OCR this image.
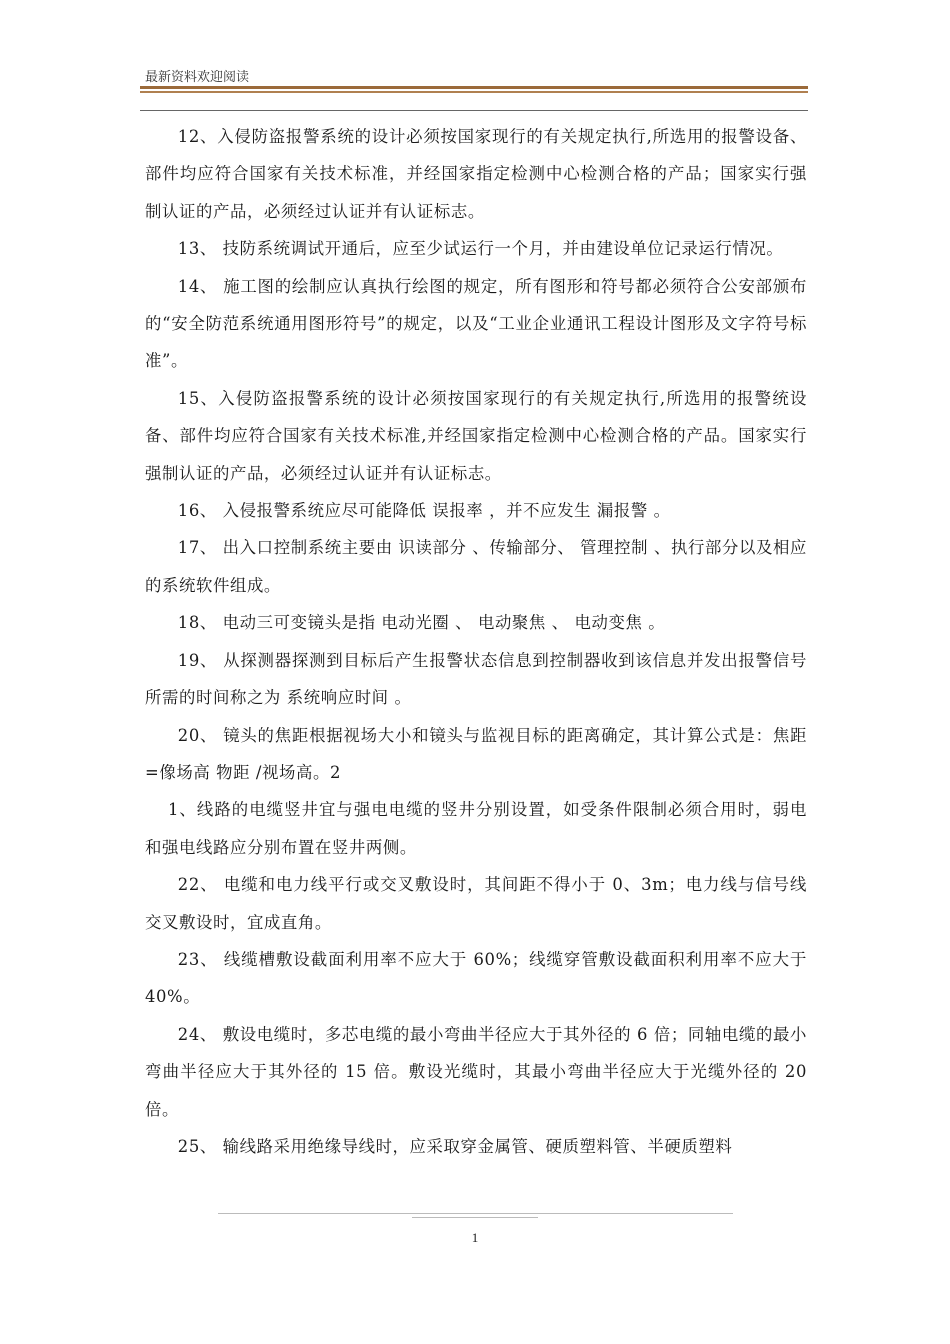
最新资料欢迎阅读

12、入侵防盗报警系统的设计必须按国家现行的有关规定执行,所选用的报警设备、部件均应符合国家有关技术标准，并经国家指定检测中心检测合格的产品；国家实行强制认证的产品，必须经过认证并有认证标志。

13、 技防系统调试开通后，应至少试运行一个月，并由建设单位记录运行情况。

14、 施工图的绘制应认真执行绘图的规定，所有图形和符号都必须符合公安部颁布的“安全防范系统通用图形符号”的规定，以及“工业企业通讯工程设计图形及文字符号标准”。

15、入侵防盗报警系统的设计必须按国家现行的有关规定执行,所选用的报警统设备、部件均应符合国家有关技术标准,并经国家指定检测中心检测合格的产品。国家实行强制认证的产品，必须经过认证并有认证标志。

16、 入侵报警系统应尽可能降低 误报率 ，并不应发生 漏报警 。

17、 出入口控制系统主要由 识读部分 、传输部分、 管理控制 、执行部分以及相应的系统软件组成。

18、 电动三可变镜头是指 电动光圈 、 电动聚焦 、 电动变焦 。

19、 从探测器探测到目标后产生报警状态信息到控制器收到该信息并发出报警信号所需的时间称之为 系统响应时间 。

20、 镜头的焦距根据视场大小和镜头与监视目标的距离确定，其计算公式是：焦距=像场高 物距 /视场高。2

1、线路的电缆竖井宜与强电电缆的竖井分别设置，如受条件限制必须合用时，弱电和强电线路应分别布置在竖井两侧。

22、 电缆和电力线平行或交叉敷设时，其间距不得小于 0、3m；电力线与信号线交叉敷设时，宜成直角。

23、 线缆槽敷设截面利用率不应大于 60%；线缆穿管敷设截面积利用率不应大于 40%。

24、 敷设电缆时，多芯电缆的最小弯曲半径应大于其外径的 6 倍；同轴电缆的最小弯曲半径应大于其外径的 15 倍。敷设光缆时，其最小弯曲半径应大于光缆外径的 20 倍。

25、 输线路采用绝缘导线时，应采取穿金属管、硬质塑料管、半硬质塑料

1
